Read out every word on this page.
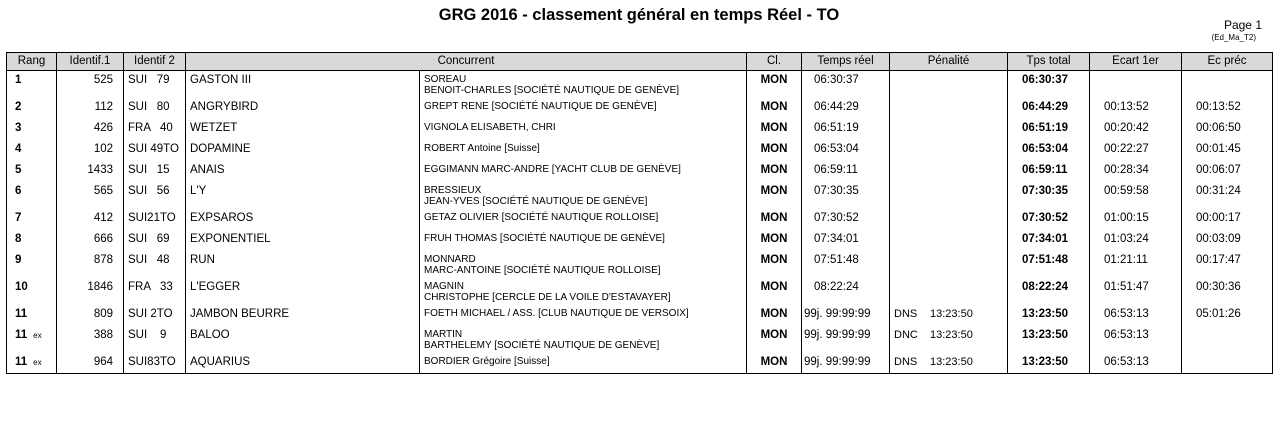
GRG 2016 - classement général en temps Réel - TO
Page 1
(Ed_Ma_T2)
Rang	Identif.1	Identif 2	Concurrent		Cl.	Temps réel	Pénalité	Tps total	Ecart 1er	Ec préc
1	525	SUI   79	GASTON III	SOREAU
BENOIT-CHARLES [SOCIÉTÉ NAUTIQUE DE GENÈVE]	MON	06:30:37		06:30:37		
2	112	SUI   80	ANGRYBIRD	GREPT RENE [SOCIÉTÉ NAUTIQUE DE GENÈVE]	MON	06:44:29		06:44:29	00:13:52	00:13:52
3	426	FRA   40	WETZET	VIGNOLA ELISABETH, CHRI	MON	06:51:19		06:51:19	00:20:42	00:06:50
4	102	SUI 49TO	DOPAMINE	ROBERT Antoine [Suisse]	MON	06:53:04		06:53:04	00:22:27	00:01:45
5	1433	SUI   15	ANAIS	EGGIMANN MARC-ANDRE [YACHT CLUB DE GENÈVE]	MON	06:59:11		06:59:11	00:28:34	00:06:07
6	565	SUI   56	L'Y	BRESSIEUX
JEAN-YVES [SOCIÉTÉ NAUTIQUE DE GENÈVE]	MON	07:30:35		07:30:35	00:59:58	00:31:24
7	412	SUI21TO	EXPSAROS	GETAZ OLIVIER [SOCIÉTÉ NAUTIQUE ROLLOISE]	MON	07:30:52		07:30:52	01:00:15	00:00:17
8	666	SUI   69	EXPONENTIEL	FRUH THOMAS [SOCIÉTÉ NAUTIQUE DE GENÈVE]	MON	07:34:01		07:34:01	01:03:24	00:03:09
9	878	SUI   48	RUN	MONNARD
MARC-ANTOINE [SOCIÉTÉ NAUTIQUE ROLLOISE]	MON	07:51:48		07:51:48	01:21:11	00:17:47
10	1846	FRA   33	L'EGGER	MAGNIN
CHRISTOPHE [CERCLE DE LA VOILE D'ESTAVAYER]	MON	08:22:24		08:22:24	01:51:47	00:30:36
11	809	SUI 2TO	JAMBON BEURRE	FOETH MICHAEL / ASS. [CLUB NAUTIQUE DE VERSOIX]	MON	99j. 99:99:99	DNS 13:23:50	13:23:50	06:53:13	05:01:26
11 ex	388	SUI    9	BALOO	MARTIN
BARTHELEMY [SOCIÉTÉ NAUTIQUE DE GENÈVE]	MON	99j. 99:99:99	DNC 13:23:50	13:23:50	06:53:13	
11 ex	964	SUI83TO	AQUARIUS	BORDIER Grégoire [Suisse]	MON	99j. 99:99:99	DNS 13:23:50	13:23:50	06:53:13	
